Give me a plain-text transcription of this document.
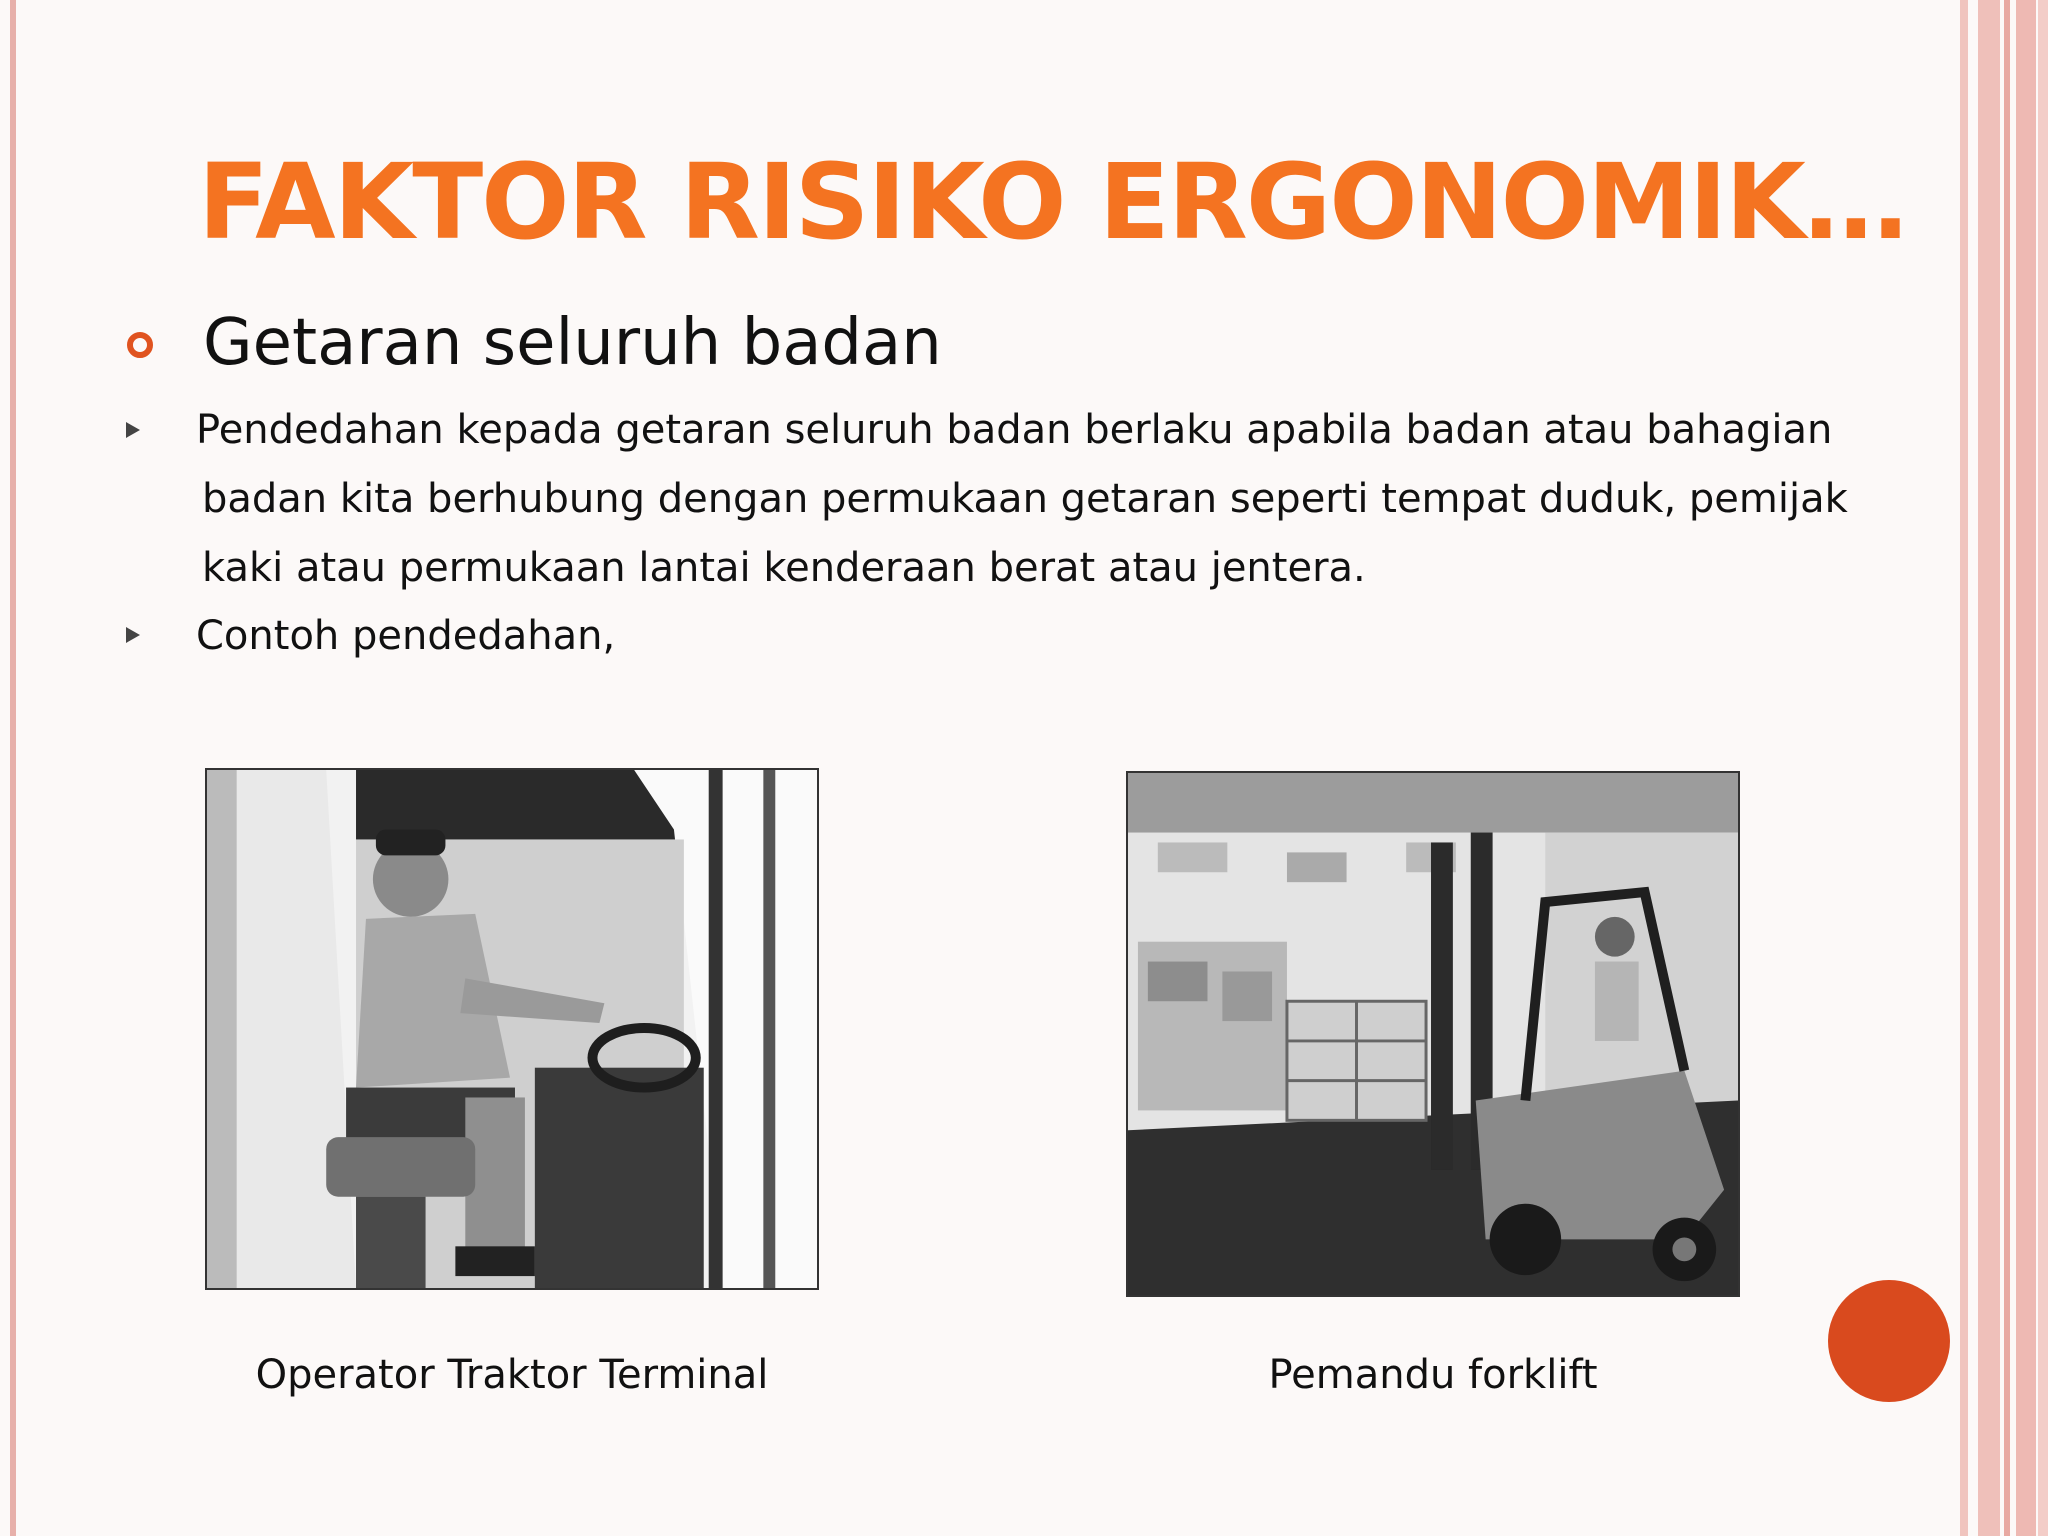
FAKTOR RISIKO ERGONOMIK…
Getaran seluruh badan
Pendedahan kepada getaran seluruh badan berlaku apabila badan atau bahagian
badan kita berhubung dengan permukaan getaran seperti tempat duduk, pemijak
kaki atau permukaan lantai kenderaan berat atau jentera.
Contoh pendedahan,
Operator Traktor Terminal	Pemandu forklift
